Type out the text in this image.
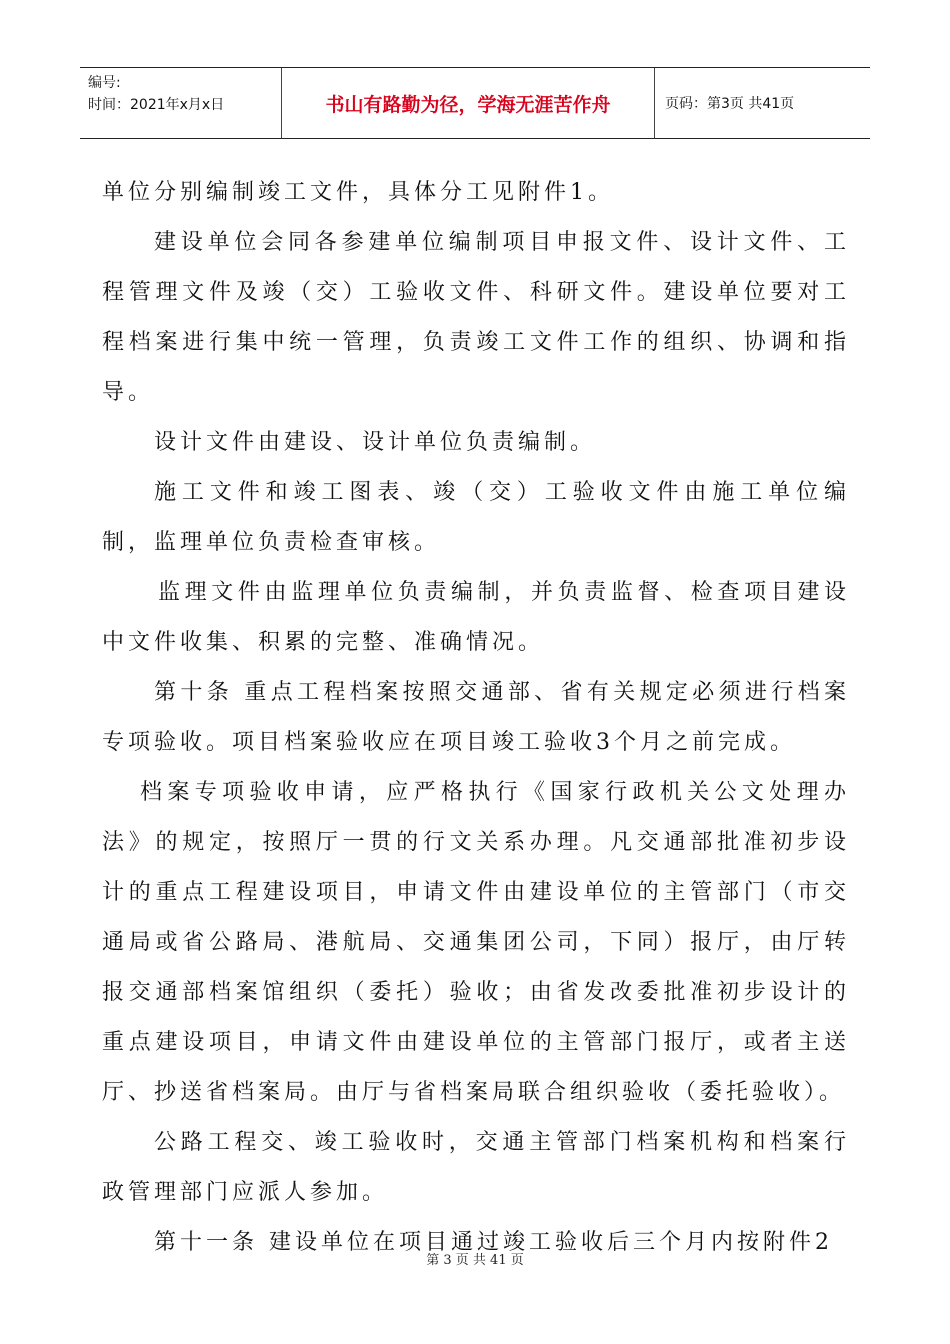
编号:
时间：2021年x月x日	书山有路勤为径，学海无涯苦作舟	页码：第3页 共41页

单位分别编制竣工文件，具体分工见附件1。

建设单位会同各参建单位编制项目申报文件、设计文件、工程管理文件及竣（交）工验收文件、科研文件。建设单位要对工程档案进行集中统一管理，负责竣工文件工作的组织、协调和指导。

设计文件由建设、设计单位负责编制。

施工文件和竣工图表、竣（交）工验收文件由施工单位编制，监理单位负责检查审核。

监理文件由监理单位负责编制，并负责监督、检查项目建设中文件收集、积累的完整、准确情况。

第十条 重点工程档案按照交通部、省有关规定必须进行档案专项验收。项目档案验收应在项目竣工验收3个月之前完成。

档案专项验收申请，应严格执行《国家行政机关公文处理办法》的规定，按照厅一贯的行文关系办理。凡交通部批准初步设计的重点工程建设项目，申请文件由建设单位的主管部门（市交通局或省公路局、港航局、交通集团公司，下同）报厅，由厅转报交通部档案馆组织（委托）验收；由省发改委批准初步设计的重点建设项目，申请文件由建设单位的主管部门报厅，或者主送厅、抄送省档案局。由厅与省档案局联合组织验收（委托验收）。

公路工程交、竣工验收时，交通主管部门档案机构和档案行政管理部门应派人参加。

第十一条 建设单位在项目通过竣工验收后三个月内按附件2

第 3 页 共 41 页
